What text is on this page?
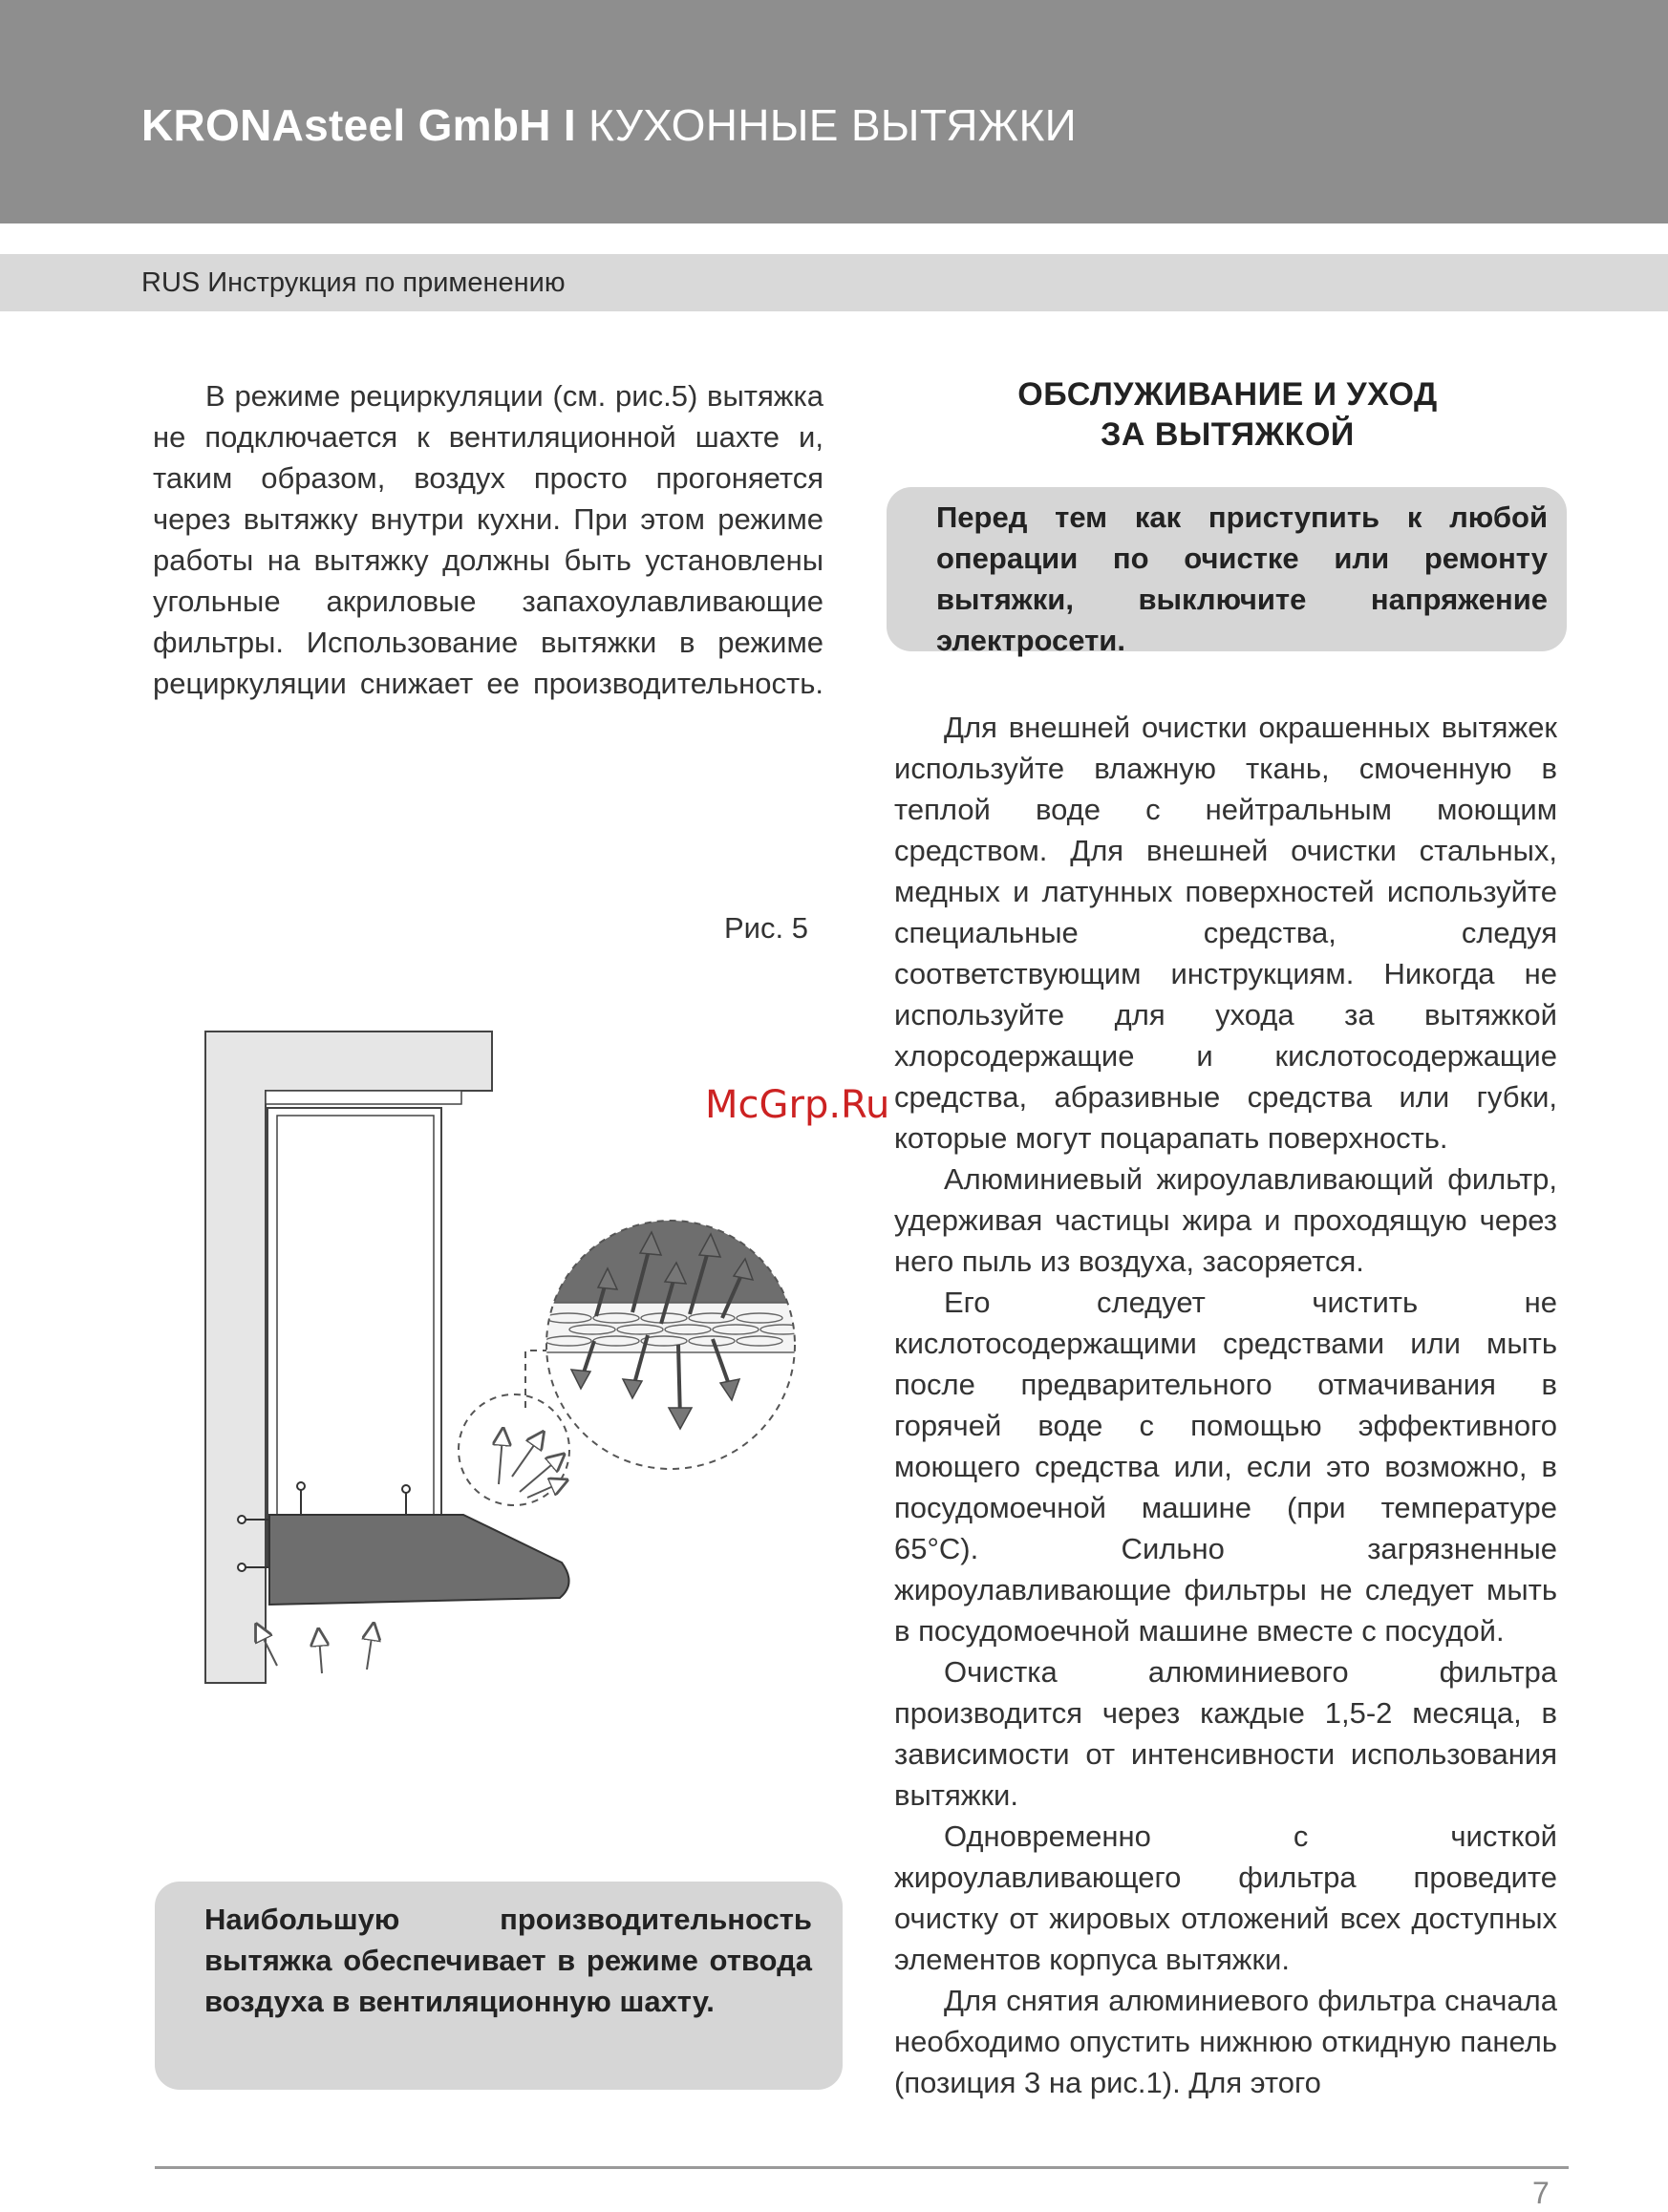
KRONAsteel GmbH I КУХОННЫЕ ВЫТЯЖКИ
RUS Инструкция по применению

В режиме рециркуляции (см. рис.5) вытяжка не подключается к вентиляционной шахте и, таким образом, воздух просто прогоняется через вытяжку внутри кухни. При этом режиме работы на вытяжку должны быть установлены угольные акриловые запахоулавливающие фильтры. Использование вытяжки в режиме рециркуляции снижает ее производительность.

Рис. 5
Наибольшую производительность вытяжка обеспечивает в режиме отвода воздуха в вентиляционную шахту.
ОБСЛУЖИВАНИЕ И УХОД
ЗА ВЫТЯЖКОЙ
Перед тем как приступить к любой операции по очистке или ремонту вытяжки, выключите напряжение электросети.

Для внешней очистки окрашенных вытяжек используйте влажную ткань, смоченную в теплой воде с нейтральным моющим средством. Для внешней очистки стальных, медных и латунных поверхностей используйте специальные средства, следуя соответствующим инструкциям. Никогда не используйте для ухода за вытяжкой хлорсодержащие и кислотосодержащие средства, абразивные средства или губки, которые могут поцарапать поверхность.

Алюминиевый жироулавливающий фильтр, удерживая частицы жира и проходящую через него пыль из воздуха, засоряется.

Его следует чистить не кислотосодержащими средствами или мыть после предварительного отмачивания в горячей воде с помощью эффективного моющего средства или, если это возможно, в посудомоечной машине (при температуре 65°С). Сильно загрязненные жироулавливающие фильтры не следует мыть в посудомоечной машине вместе с посудой.

Очистка алюминиевого фильтра производится через каждые 1,5-2 месяца, в зависимости от интенсивности использования вытяжки.

Одновременно с чисткой жироулавливающего фильтра проведите очистку от жировых отложений всех доступных элементов корпуса вытяжки.

Для снятия алюминиевого фильтра сначала необходимо опустить нижнюю откидную панель (позиция 3 на рис.1). Для этого

McGrp.Ru
7
